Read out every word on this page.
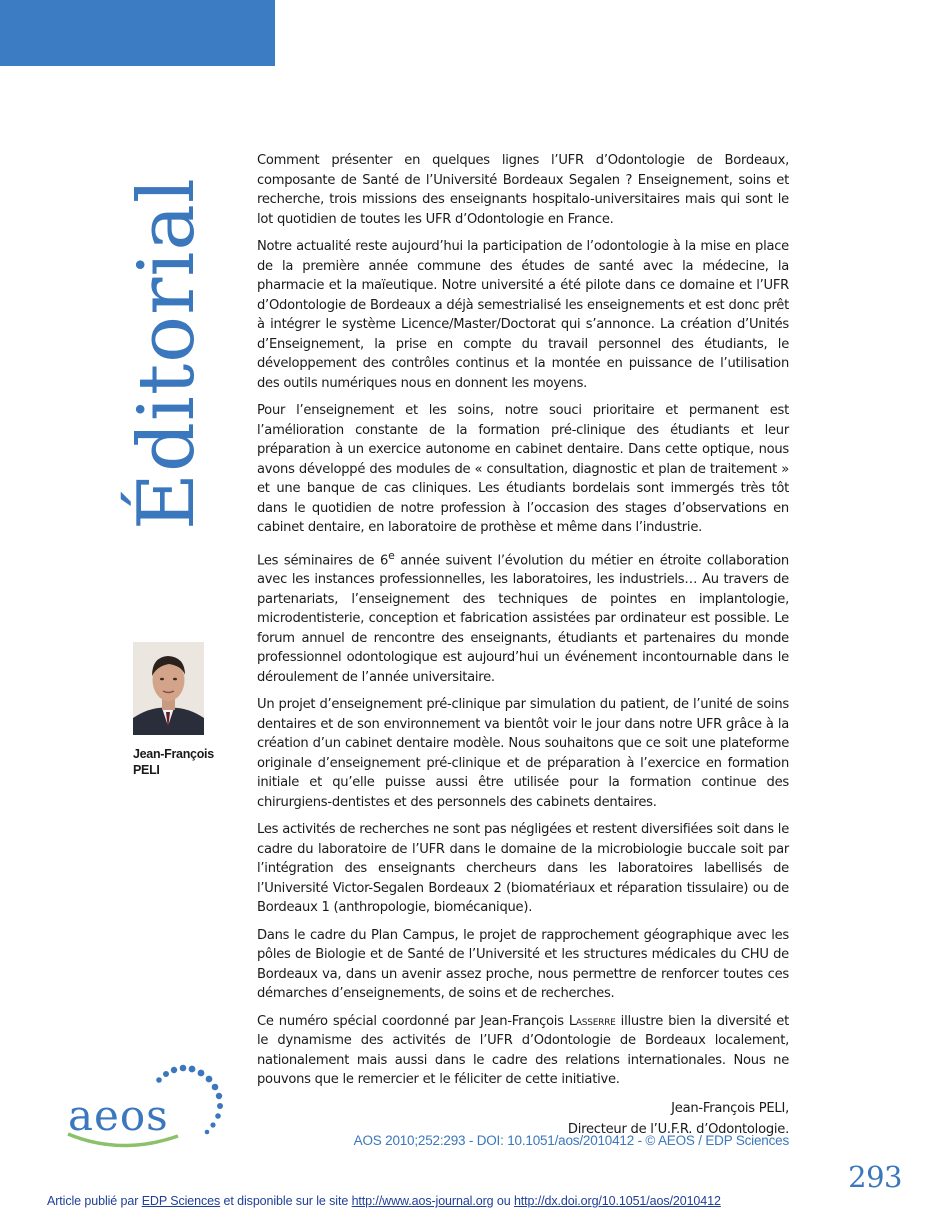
Éditorial
Jean-François
PELI

Comment présenter en quelques lignes l’UFR d’Odontologie de Bordeaux, composante de Santé de l’Université Bordeaux Segalen ? Enseignement, soins et recherche, trois missions des enseignants hospitalo-universitaires mais qui sont le lot quotidien de toutes les UFR d’Odontologie en France.

Notre actualité reste aujourd’hui la participation de l’odontologie à la mise en place de la première année commune des études de santé avec la médecine, la pharmacie et la maïeutique. Notre université a été pilote dans ce domaine et l’UFR d’Odontologie de Bordeaux a déjà semestrialisé les enseignements et est donc prêt à intégrer le système Licence/Master/Doctorat qui s’annonce. La création d’Unités d’Enseignement, la prise en compte du travail personnel des étudiants, le développement des contrôles continus et la montée en puissance de l’utilisation des outils numériques nous en donnent les moyens.

Pour l’enseignement et les soins, notre souci prioritaire et permanent est l’amélioration constante de la formation pré-clinique des étudiants et leur préparation à un exercice autonome en cabinet dentaire. Dans cette optique, nous avons développé des modules de « consultation, diagnostic et plan de traitement » et une banque de cas cliniques. Les étudiants bordelais sont immergés très tôt dans le quotidien de notre profession à l’occasion des stages d’observations en cabinet dentaire, en laboratoire de prothèse et même dans l’industrie.

Les séminaires de 6e année suivent l’évolution du métier en étroite collaboration avec les instances professionnelles, les laboratoires, les industriels… Au travers de partenariats, l’enseignement des techniques de pointes en implantologie, microdentisterie, conception et fabrication assistées par ordinateur est possible. Le forum annuel de rencontre des enseignants, étudiants et partenaires du monde professionnel odontologique est aujourd’hui un événement incontournable dans le déroulement de l’année universitaire.

Un projet d’enseignement pré-clinique par simulation du patient, de l’unité de soins dentaires et de son environnement va bientôt voir le jour dans notre UFR grâce à la création d’un cabinet dentaire modèle. Nous souhaitons que ce soit une plateforme originale d’enseignement pré-clinique et de préparation à l’exercice en formation initiale et qu’elle puisse aussi être utilisée pour la formation continue des chirurgiens-dentistes et des personnels des cabinets dentaires.

Les activités de recherches ne sont pas négligées et restent diversifiées soit dans le cadre du laboratoire de l’UFR dans le domaine de la microbiologie buccale soit par l’intégration des enseignants chercheurs dans les laboratoires labellisés de l’Université Victor-Segalen Bordeaux 2 (biomatériaux et réparation tissulaire) ou de Bordeaux 1 (anthropologie, biomécanique).

Dans le cadre du Plan Campus, le projet de rapprochement géographique avec les pôles de Biologie et de Santé de l’Université et les structures médicales du CHU de Bordeaux va, dans un avenir assez proche, nous permettre de renforcer toutes ces démarches d’enseignements, de soins et de recherches.

Ce numéro spécial coordonné par Jean-François Lasserre illustre bien la diversité et le dynamisme des activités de l’UFR d’Odontologie de Bordeaux localement, nationalement mais aussi dans le cadre des relations internationales. Nous ne pouvons que le remercier et le féliciter de cette initiative.

Jean-François PELI,
Directeur de l’U.F.R. d’Odontologie.
aeos
AOS 2010;252:293 - DOI: 10.1051/aos/2010412 - © AEOS / EDP Sciences
293
Article publié par EDP Sciences et disponible sur le site http://www.aos-journal.org ou http://dx.doi.org/10.1051/aos/2010412
